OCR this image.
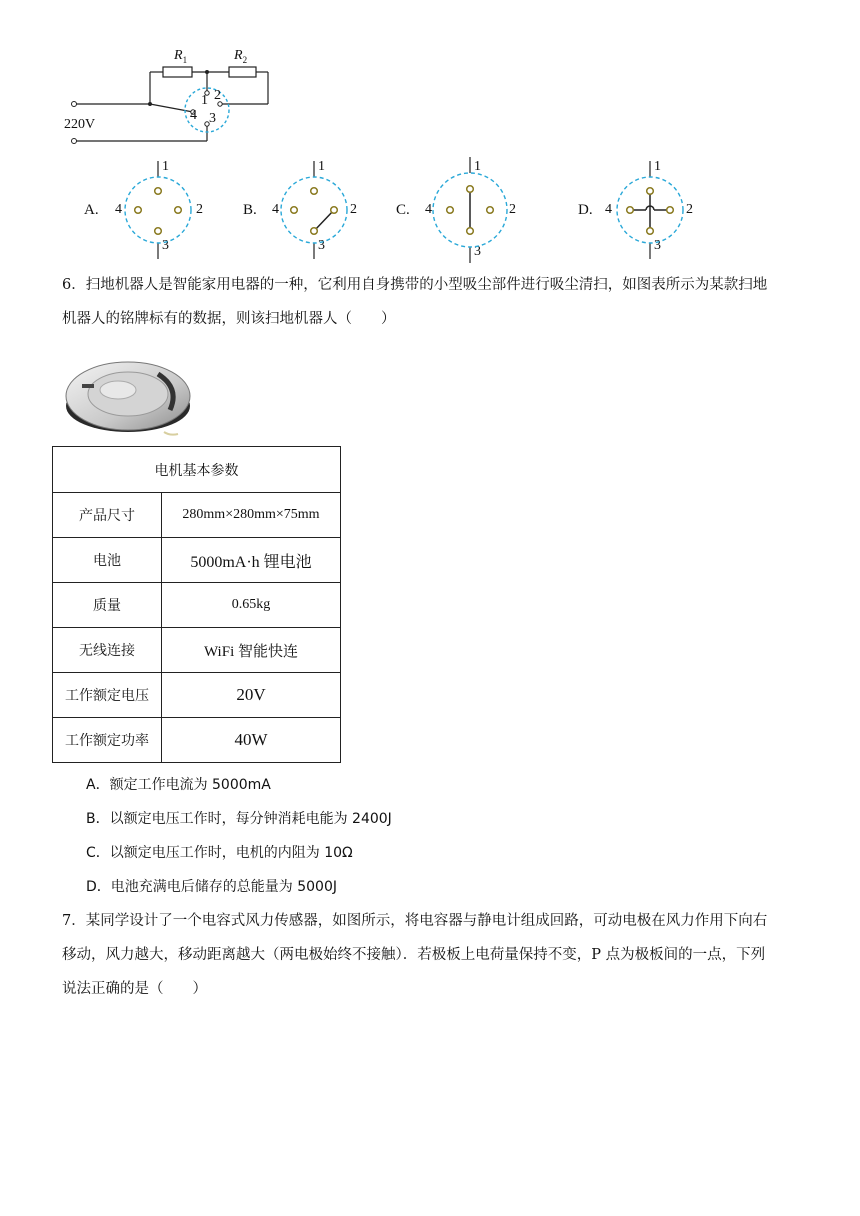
$R_1$	$R_2$
1 2
3
4
220V
A. 4	2
1
3
B. 4	2
1
3
C. 4	2
1
3
D. 4	2
1
3
6．扫地机器人是智能家用电器的一种，它利用自身携带的小型吸尘部件进行吸尘清扫，如图表所示为某款扫地
机器人的铭牌标有的数据，则该扫地机器人（　　）
电机基本参数	
产品尺寸	280mm×280mm×75mm
电池	5000mA·h 锂电池
质量	0.65kg
无线连接	WiFi 智能快连
工作额定电压	20V
工作额定功率	40W
A．额定工作电流为 5000mA
B．以额定电压工作时，每分钟消耗电能为 2400J
C．以额定电压工作时，电机的内阻为 10Ω
D．电池充满电后储存的总能量为 5000J
7．某同学设计了一个电容式风力传感器，如图所示，将电容器与静电计组成回路，可动电极在风力作用下向右
移动，风力越大，移动距离越大（两电极始终不接触）．若极板上电荷量保持不变，P 点为极板间的一点，下列
说法正确的是（　　）
